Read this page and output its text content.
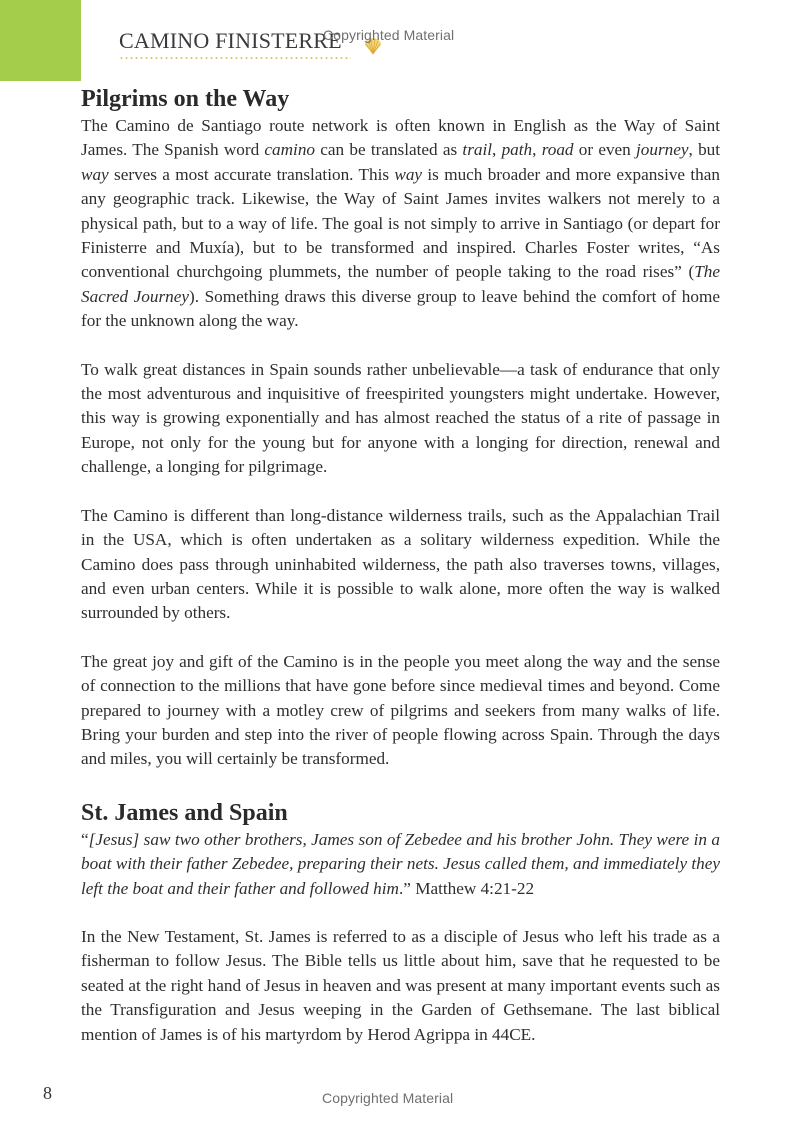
CAMINO FINISTERRE
Copyrighted Material
Pilgrims on the Way

The Camino de Santiago route network is often known in English as the Way of Saint James. The Spanish word camino can be translated as trail, path, road or even journey, but way serves a most accurate translation. This way is much broader and more expansive than any geographic track. Likewise, the Way of Saint James invites walkers not merely to a physical path, but to a way of life. The goal is not simply to arrive in Santiago (or depart for Finisterre and Muxía), but to be transformed and inspired. Charles Foster writes, “As conventional churchgoing plummets, the number of people taking to the road rises” (The Sacred Journey). Something draws this diverse group to leave behind the comfort of home for the unknown along the way.

To walk great distances in Spain sounds rather unbelievable—a task of endurance that only the most adventurous and inquisitive of freespirited youngsters might undertake. However, this way is growing exponentially and has almost reached the status of a rite of passage in Europe, not only for the young but for anyone with a longing for direction, renewal and challenge, a longing for pilgrimage.

The Camino is different than long-distance wilderness trails, such as the Appalachian Trail in the USA, which is often undertaken as a solitary wilderness expedition. While the Camino does pass through uninhabited wilderness, the path also traverses towns, villages, and even urban centers. While it is possible to walk alone, more often the way is walked surrounded by others.

The great joy and gift of the Camino is in the people you meet along the way and the sense of connection to the millions that have gone before since medieval times and beyond. Come prepared to journey with a motley crew of pilgrims and seekers from many walks of life. Bring your burden and step into the river of people flowing across Spain. Through the days and miles, you will certainly be transformed.

St. James and Spain

“[Jesus] saw two other brothers, James son of Zebedee and his brother John. They were in a boat with their father Zebedee, preparing their nets. Jesus called them, and immediately they left the boat and their father and followed him.” Matthew 4:21-22

In the New Testament, St. James is referred to as a disciple of Jesus who left his trade as a fisherman to follow Jesus. The Bible tells us little about him, save that he requested to be seated at the right hand of Jesus in heaven and was present at many important events such as the Transfiguration and Jesus weeping in the Garden of Gethsemane. The last biblical mention of James is of his martyrdom by Herod Agrippa in 44CE.

8	Copyrighted Material
